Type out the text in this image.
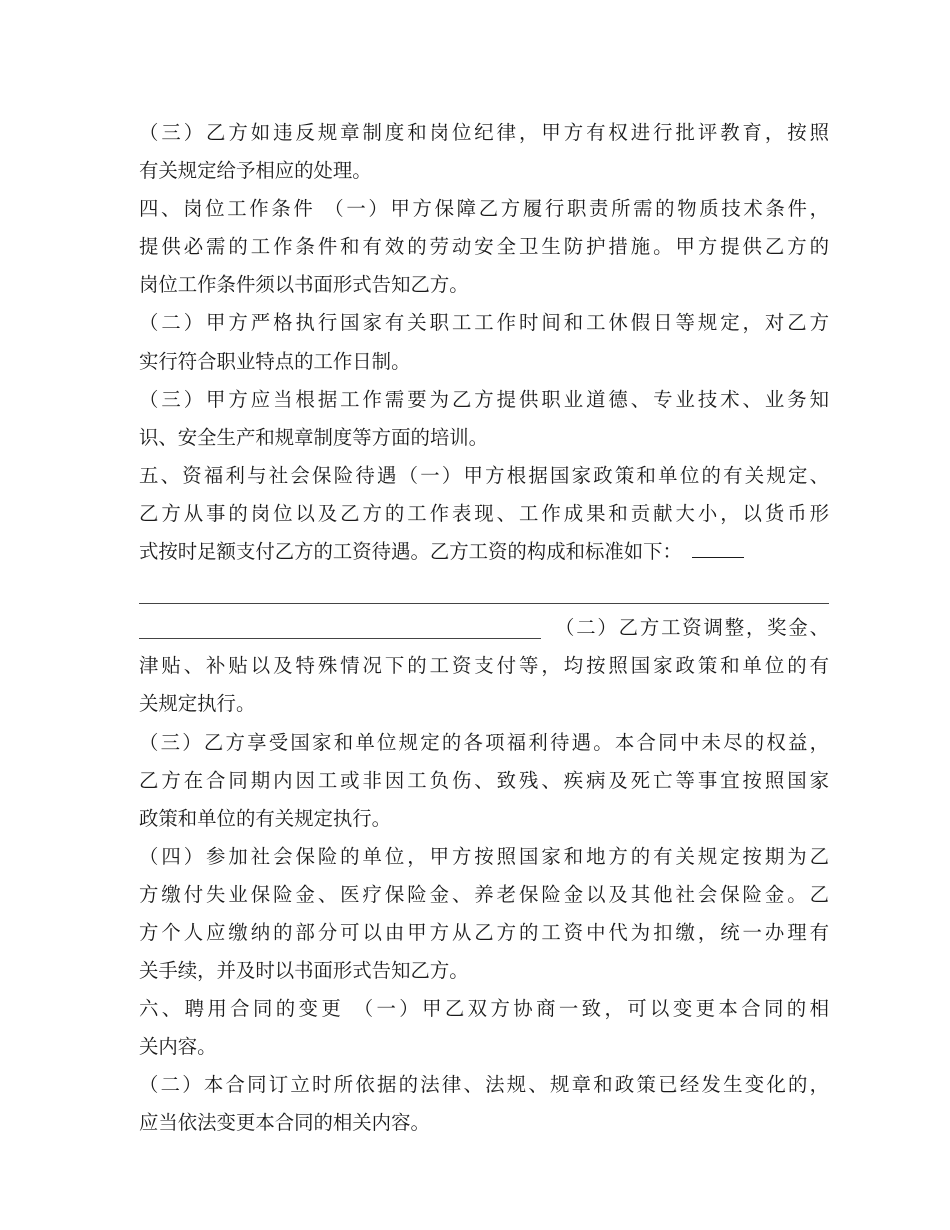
（三）乙方如违反规章制度和岗位纪律，甲方有权进行批评教育，按照
有关规定给予相应的处理。
四、岗位工作条件 （一）甲方保障乙方履行职责所需的物质技术条件，
提供必需的工作条件和有效的劳动安全卫生防护措施。甲方提供乙方的
岗位工作条件须以书面形式告知乙方。
（二）甲方严格执行国家有关职工工作时间和工休假日等规定，对乙方
实行符合职业特点的工作日制。
（三）甲方应当根据工作需要为乙方提供职业道德、专业技术、业务知
识、安全生产和规章制度等方面的培训。
五、资福利与社会保险待遇（一）甲方根据国家政策和单位的有关规定、
乙方从事的岗位以及乙方的工作表现、工作成果和贡献大小，以货币形
式按时足额支付乙方的工资待遇。乙方工资的构成和标准如下：
（二）乙方工资调整，奖金、
津贴、补贴以及特殊情况下的工资支付等，均按照国家政策和单位的有
关规定执行。
（三）乙方享受国家和单位规定的各项福利待遇。本合同中未尽的权益，
乙方在合同期内因工或非因工负伤、致残、疾病及死亡等事宜按照国家
政策和单位的有关规定执行。
（四）参加社会保险的单位，甲方按照国家和地方的有关规定按期为乙
方缴付失业保险金、医疗保险金、养老保险金以及其他社会保险金。乙
方个人应缴纳的部分可以由甲方从乙方的工资中代为扣缴，统一办理有
关手续，并及时以书面形式告知乙方。
六、聘用合同的变更 （一）甲乙双方协商一致，可以变更本合同的相
关内容。
（二）本合同订立时所依据的法律、法规、规章和政策已经发生变化的，
应当依法变更本合同的相关内容。
